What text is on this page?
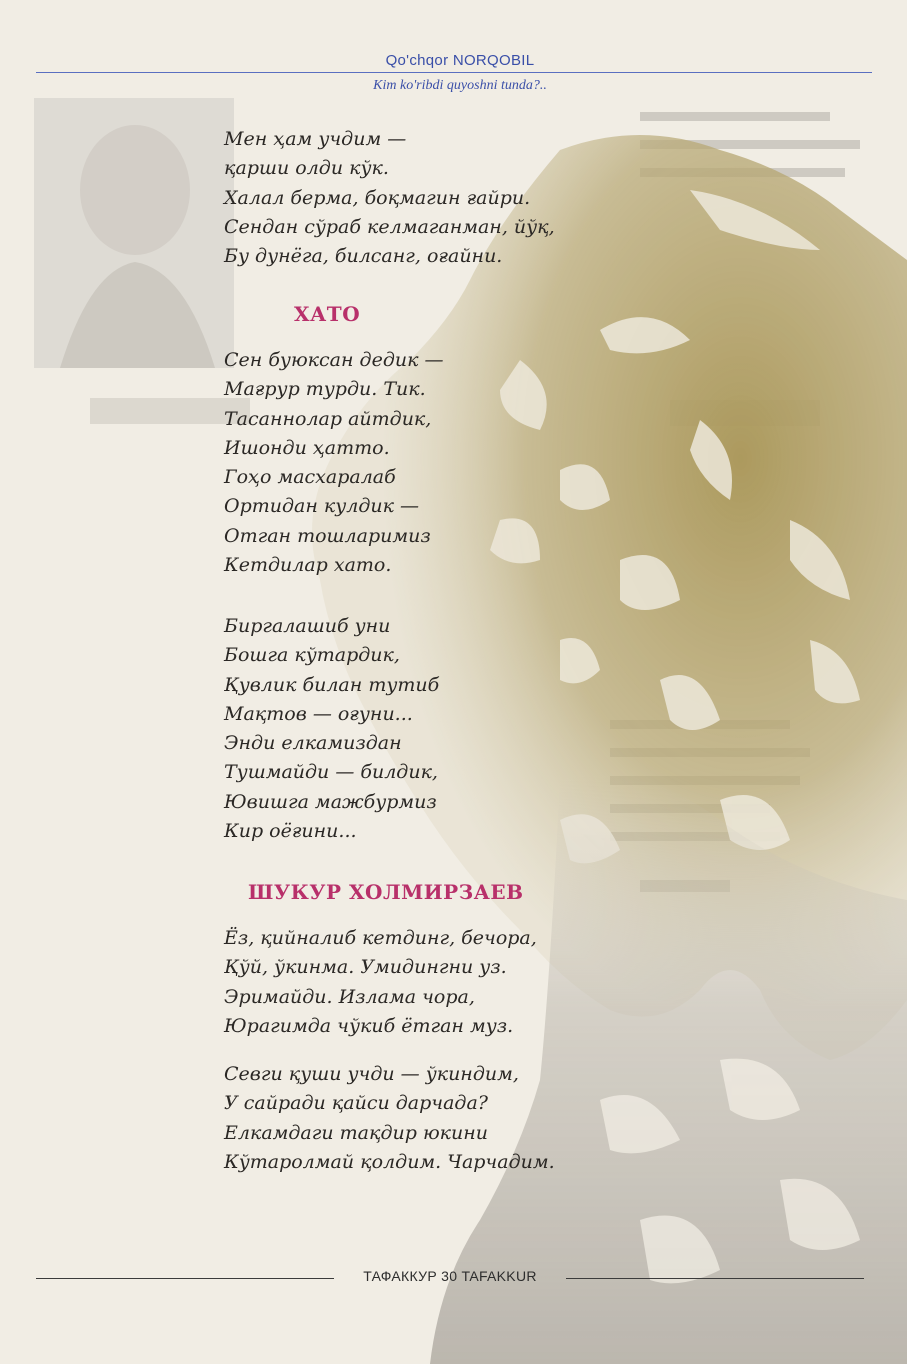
Qo'chqor NORQOBIL
Kim ko'ribdi quyoshni tunda?..
Мен ҳам учдим —
қарши олди кўк.
Халал берма, боқмагин ғайри.
Сендан сўраб келмаганман, йўқ,
Бу дунёга, билсанг, оғайни.
ХАТО
Сен буюксан дедик —
Мағрур турди. Тик.
Тасаннолар айтдик,
Ишонди ҳатто.
Гоҳо масхаралаб
Ортидан кулдик —
Отган тошларимиз
Кетдилар хато.
Биргалашиб уни
Бошга кўтардик,
Қувлик билан тутиб
Мақтов — оғуни...
Энди елкамиздан
Тушмайди — билдик,
Ювишга мажбурмиз
Кир оёғини...
ШУКУР ХОЛМИРЗАЕВ
Ёз, қийналиб кетдинг, бечора,
Қўй, ўкинма. Умидингни уз.
Эримайди. Излама чора,
Юрагимда чўкиб ётган муз.
Севги қуши учди — ўкиндим,
У сайради қайси дарчада?
Елкамдаги тақдир юкини
Кўтаролмай қолдим. Чарчадим.
ТАФАККУР 30 TAFAKKUR
